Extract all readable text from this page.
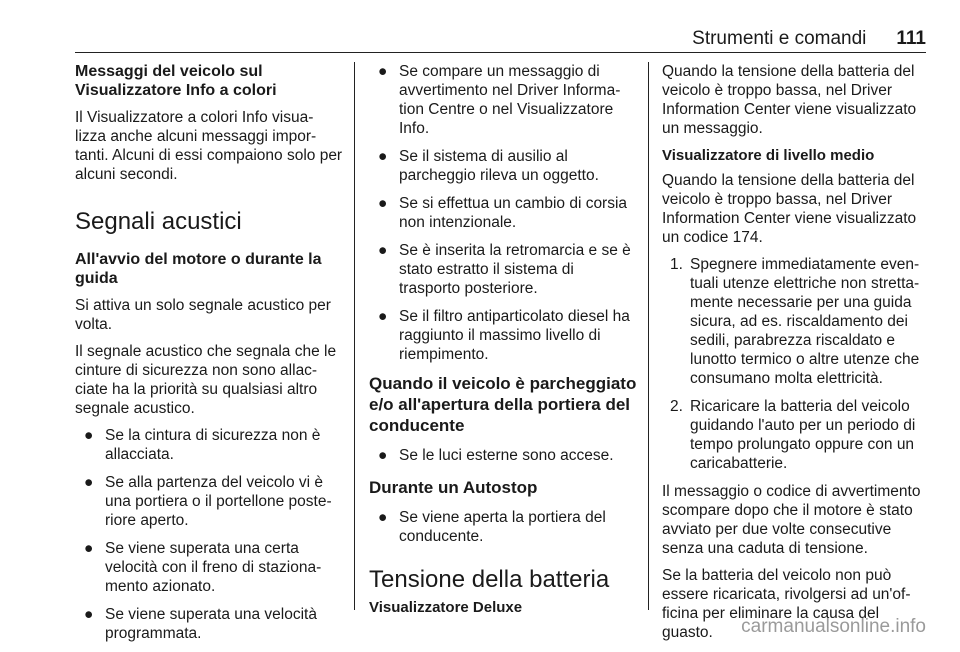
Strumenti e comandi 111
Messaggi del veicolo sul Visualizzatore Info a colori

Il Visualizzatore a colori Info visua-lizza anche alcuni messaggi impor-tanti. Alcuni di essi compaiono solo per alcuni secondi.

Segnali acustici
All'avvio del motore o durante la guida

Si attiva un solo segnale acustico per volta.

Il segnale acustico che segnala che le cinture di sicurezza non sono allac-ciate ha la priorità su qualsiasi altro segnale acustico.

● Se la cintura di sicurezza non è allacciata.
● Se alla partenza del veicolo vi è una portiera o il portellone poste-riore aperto.
● Se viene superata una certa velocità con il freno di staziona-mento azionato.
● Se viene superata una velocità programmata.
● Se compare un messaggio di avvertimento nel Driver Informa-tion Centre o nel Visualizzatore Info.
● Se il sistema di ausilio al parcheggio rileva un oggetto.
● Se si effettua un cambio di corsia non intenzionale.
● Se è inserita la retromarcia e se è stato estratto il sistema di trasporto posteriore.
● Se il filtro antiparticolato diesel ha raggiunto il massimo livello di riempimento.
Quando il veicolo è parcheggiato e/o all'apertura della portiera del conducente
● Se le luci esterne sono accese.
Durante un Autostop
● Se viene aperta la portiera del conducente.
Tensione della batteria
Visualizzatore Deluxe

Quando la tensione della batteria del veicolo è troppo bassa, nel Driver Information Center viene visualizzato un messaggio.

Visualizzatore di livello medio

Quando la tensione della batteria del veicolo è troppo bassa, nel Driver Information Center viene visualizzato un codice 174.

1. Spegnere immediatamente even-tuali utenze elettriche non stretta-mente necessarie per una guida sicura, ad es. riscaldamento dei sedili, parabrezza riscaldato e lunotto termico o altre utenze che consumano molta elettricità.
2. Ricaricare la batteria del veicolo guidando l'auto per un periodo di tempo prolungato oppure con un caricabatterie.

Il messaggio o codice di avvertimento scompare dopo che il motore è stato avviato per due volte consecutive senza una caduta di tensione.

Se la batteria del veicolo non può essere ricaricata, rivolgersi ad un'of-ficina per eliminare la causa del guasto.	carmanualsonline.info
